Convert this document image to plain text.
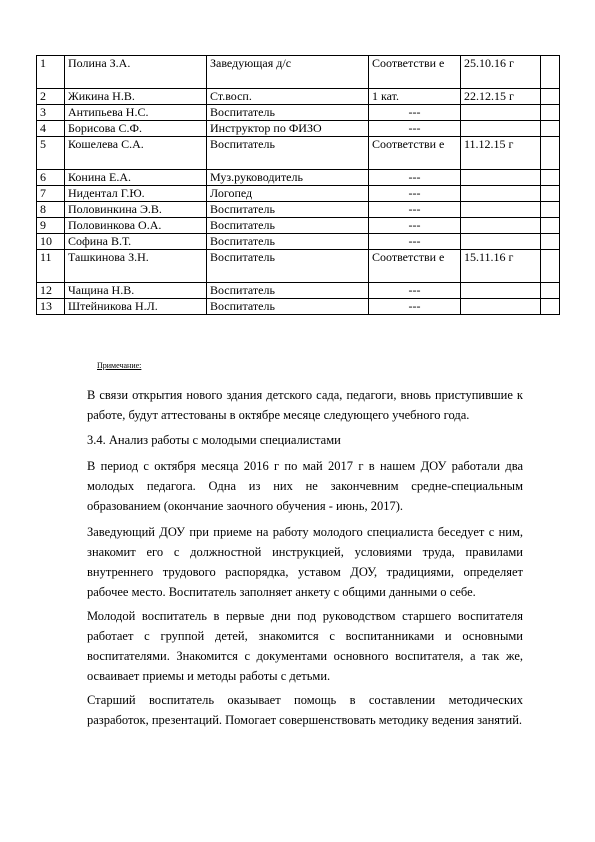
1	Полина З.А.	Заведующая д/с	Соответстви е	25.10.16 г	
2	Жикина Н.В.	Ст.восп.	1 кат.	22.12.15 г	
3	Антипьева Н.С.	Воспитатель	---		
4	Борисова С.Ф.	Инструктор по ФИЗО	---		
5	Кошелева С.А.	Воспитатель	Соответстви е	11.12.15 г	
6	Конина Е.А.	Муз.руководитель	---		
7	Нидентал Г.Ю.	Логопед	---		
8	Половинкина Э.В.	Воспитатель	---		
9	Половинкова О.А.	Воспитатель	---		
10	Софина В.Т.	Воспитатель	---		
11	Ташкинова З.Н.	Воспитатель	Соответстви е	15.11.16 г	
12	Чащина Н.В.	Воспитатель	---		
13	Штейникова Н.Л.	Воспитатель	---		
Примечание:

В связи открытия нового здания детского сада, педагоги, вновь приступившие к работе, будут аттестованы в октябре месяце следующего учебного года.

3.4. Анализ работы с молодыми специалистами

В период с октября месяца 2016 г по май 2017 г в нашем ДОУ работали два молодых педагога. Одна из них не закончевним средне-специальным образованием (окончание заочного обучения - июнь, 2017).

Заведующий ДОУ при приеме на работу молодого специалиста беседует с ним, знакомит его с должностной инструкцией, условиями труда, правилами внутреннего трудового распорядка, уставом ДОУ, традициями, определяет рабочее место. Воспитатель заполняет анкету с общими данными о себе.

Молодой воспитатель в первые дни под руководством старшего воспитателя работает с группой детей, знакомится с воспитанниками и основными воспитателями. Знакомится с документами основного воспитателя, а так же, осваивает приемы и методы работы с детьми.

Старший воспитатель оказывает помощь в составлении методических разработок, презентаций. Помогает совершенствовать методику ведения занятий.
